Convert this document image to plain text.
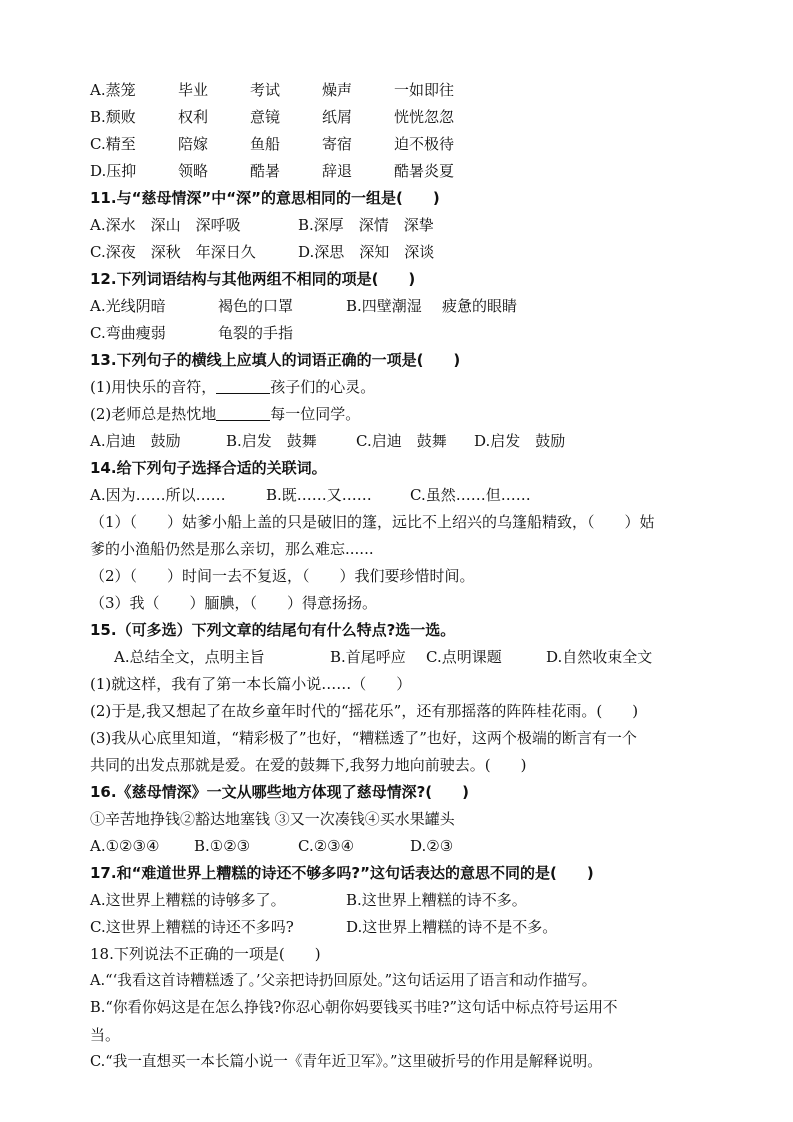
A.蒸笼	毕业	考试	燥声	一如即往
B.颓败	权利	意镜	纸屑	恍恍忽忽
C.精至	陪嫁	鱼船	寄宿	迫不极待
D.压抑	领略	酷暑	辞退	酷暑炎夏
11.与“慈母情深”中“深”的意思相同的一组是(　　)
A.深水　深山　深呼吸	B.深厚　深情　深挚
C.深夜　深秋　年深日久	D.深思　深知　深谈
12.下列词语结构与其他两组不相同的项是(　　)
A.光线阴暗	褐色的口罩	B.四壁潮湿 疲惫的眼睛
C.弯曲瘦弱	龟裂的手指
13.下列句子的横线上应填人的词语正确的一项是(　　)
(1)用快乐的音符，	孩子们的心灵。
(2)老师总是热忱地	每一位同学。
A.启迪　鼓励	B.启发　鼓舞	C.启迪　鼓舞 D.启发　鼓励
14.给下列句子选择合适的关联词。
A.因为……所以……	B.既……又……	C.虽然……但……
（1）（　　）姑爹小船上盖的只是破旧的篷，远比不上绍兴的乌篷船精致，（　　）姑
爹的小渔船仍然是那么亲切，那么难忘......
（2）（　　）时间一去不复返，（　　）我们要珍惜时间。
（3）我（　　）腼腆，（　　）得意扬扬。
15.（可多选）下列文章的结尾句有什么特点?选一选。
A.总结全文，点明主旨	B.首尾呼应 C.点明课题	D.自然收束全文
(1)就这样，我有了第一本长篇小说……（　　）
(2)于是,我又想起了在故乡童年时代的“摇花乐”，还有那摇落的阵阵桂花雨。(　　)
(3)我从心底里知道，“精彩极了”也好，“糟糕透了”也好，这两个极端的断言有一个
共同的出发点那就是爱。在爱的鼓舞下,我努力地向前驶去。(　　)
16.《慈母情深》一文从哪些地方体现了慈母情深?(　　)
①辛苦地挣钱②豁达地塞钱 ③又一次凑钱④买水果罐头
A.①②③④ B.①②③	C.②③④	D.②③
17.和“难道世界上糟糕的诗还不够多吗?”这句话表达的意思不同的是(　　)
A.这世界上糟糕的诗够多了。	B.这世界上糟糕的诗不多。
C.这世界上糟糕的诗还不多吗?	D.这世界上糟糕的诗不是不多。
18.下列说法不正确的一项是(　　)
A.“‘我看这首诗糟糕透了。’父亲把诗扔回原处。”这句话运用了语言和动作描写。
B.“你看你妈这是在怎么挣钱?你忍心朝你妈要钱买书哇?”这句话中标点符号运用不
当。
C.“我一直想买一本长篇小说一《青年近卫军》。”这里破折号的作用是解释说明。
